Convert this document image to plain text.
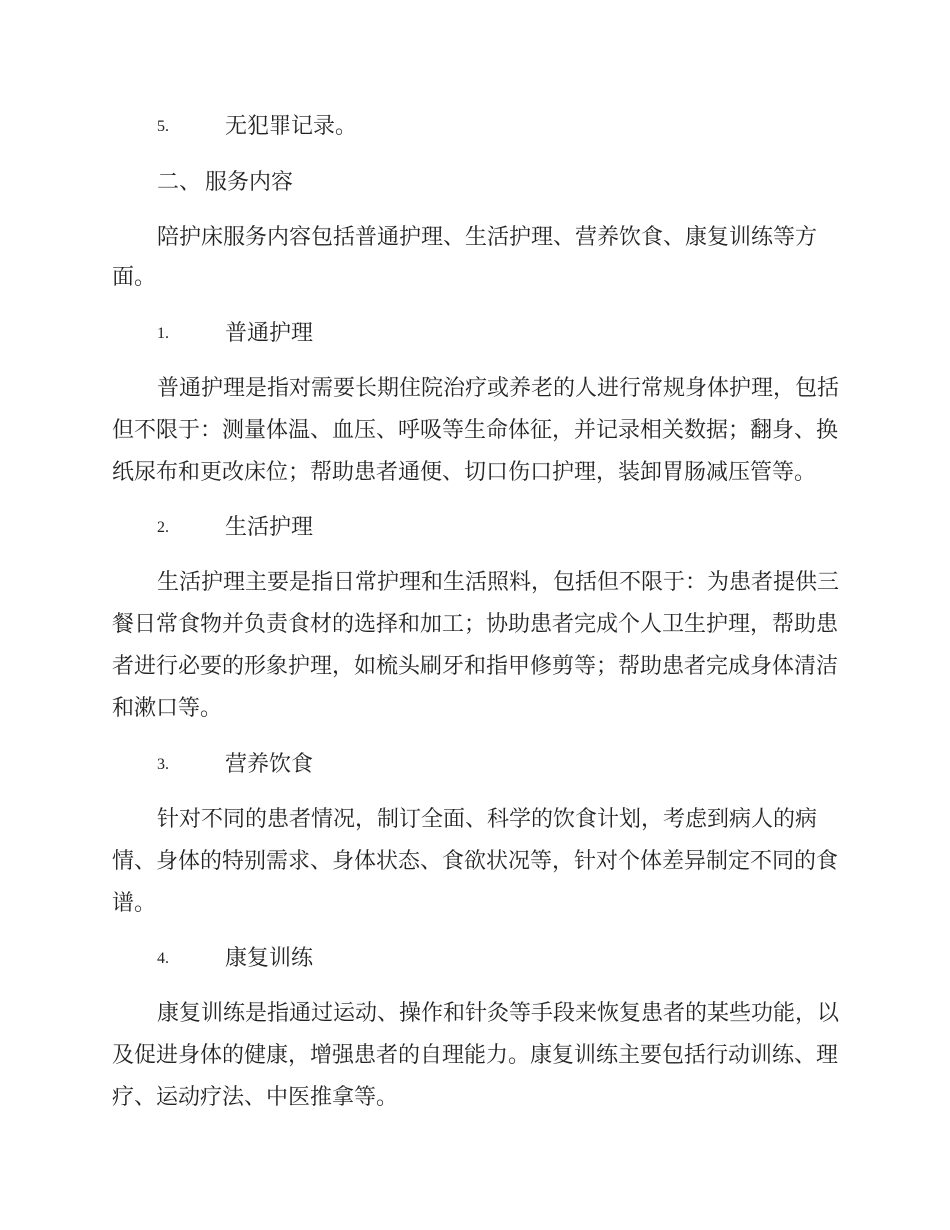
5.	无犯罪记录。
二、 服务内容
陪护床服务内容包括普通护理、生活护理、营养饮食、康复训练等方
面。
1.	普通护理
普通护理是指对需要长期住院治疗或养老的人进行常规身体护理，包括
但不限于：测量体温、血压、呼吸等生命体征，并记录相关数据；翻身、换
纸尿布和更改床位；帮助患者通便、切口伤口护理，装卸胃肠减压管等。
2.	生活护理
生活护理主要是指日常护理和生活照料，包括但不限于：为患者提供三
餐日常食物并负责食材的选择和加工；协助患者完成个人卫生护理，帮助患
者进行必要的形象护理，如梳头刷牙和指甲修剪等；帮助患者完成身体清洁
和漱口等。
3.	营养饮食
针对不同的患者情况，制订全面、科学的饮食计划，考虑到病人的病
情、身体的特别需求、身体状态、食欲状况等，针对个体差异制定不同的食
谱。
4.	康复训练
康复训练是指通过运动、操作和针灸等手段来恢复患者的某些功能，以
及促进身体的健康，增强患者的自理能力。康复训练主要包括行动训练、理
疗、运动疗法、中医推拿等。
